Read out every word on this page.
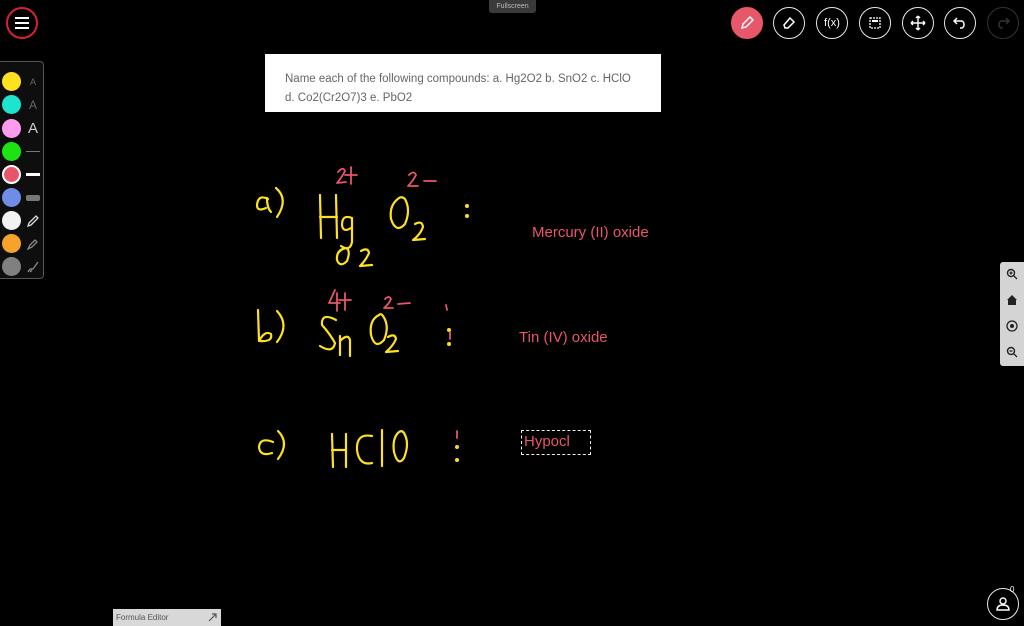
Fullscreen
f(x)
A
A
A
Name each of the following compounds: a. Hg2O2 b. SnO2 c. HClO
d. Co2(Cr2O7)3 e. PbO2
Mercury (II) oxide
Tin (IV) oxide
Hypocl
Formula Editor
0
